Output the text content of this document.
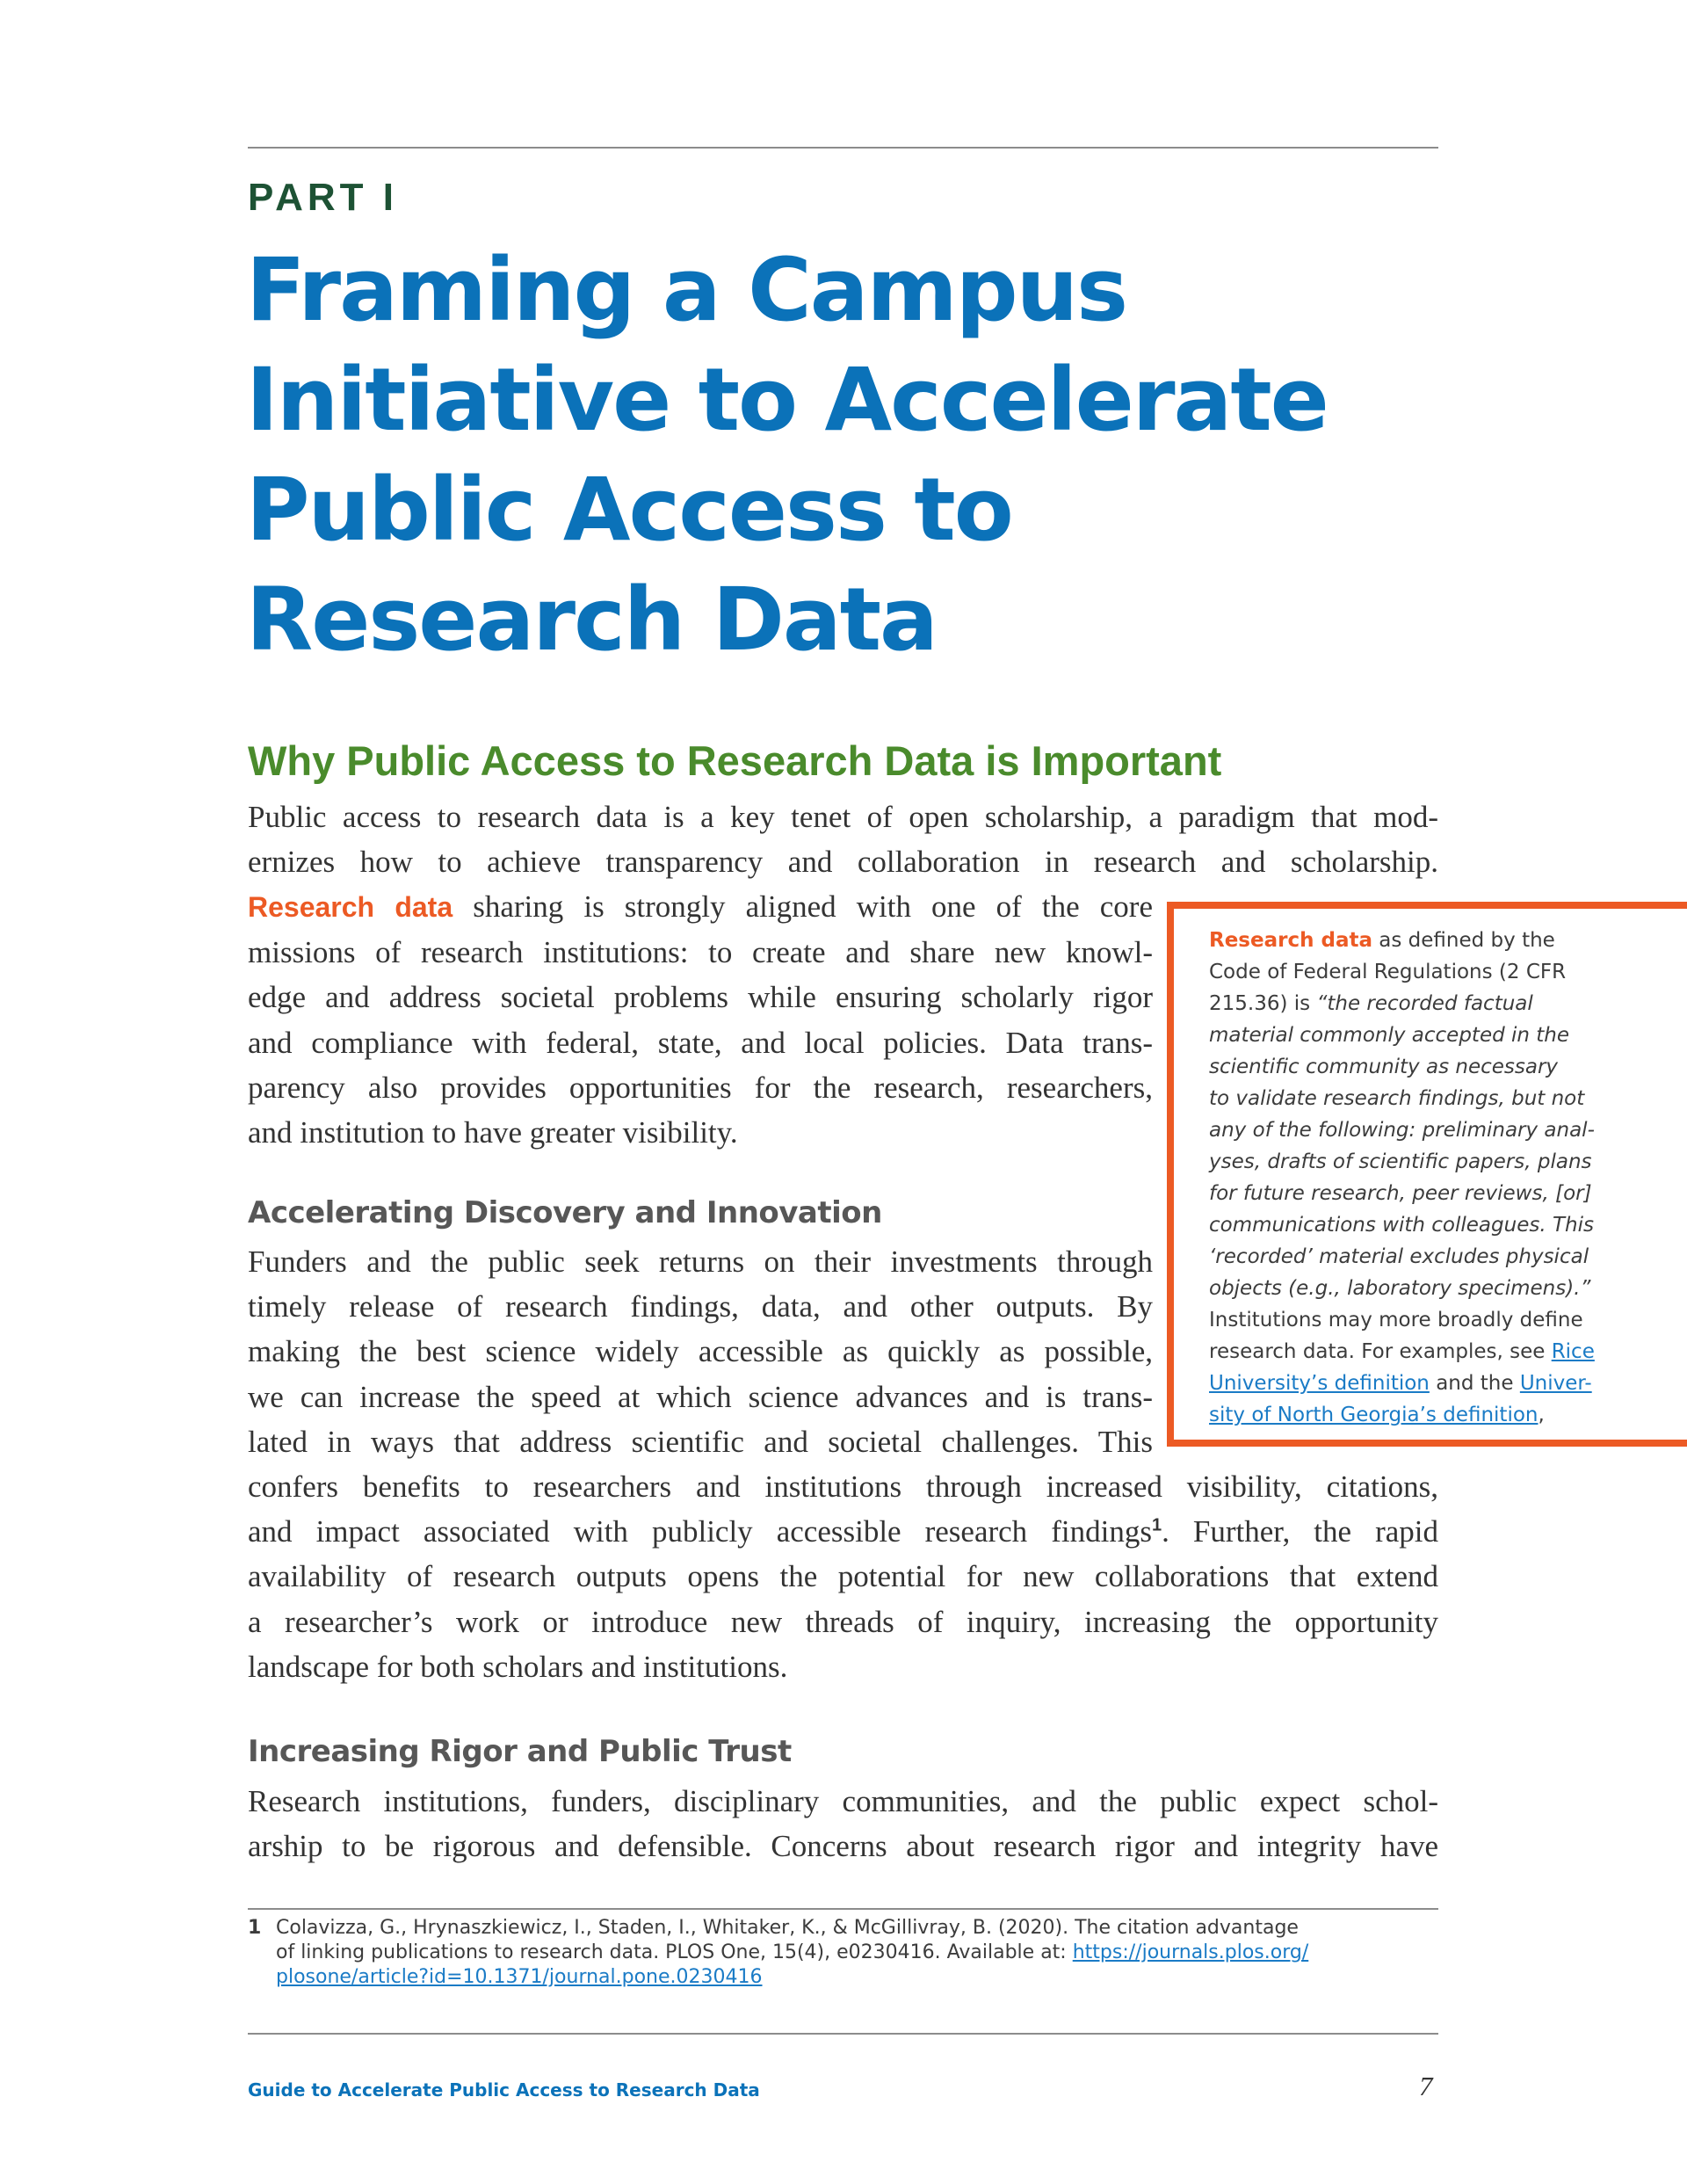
PART I
Framing a Campus
Initiative to Accelerate
Public Access to
Research Data
Why Public Access to Research Data is Important
Public access to research data is a key tenet of open scholarship, a paradigm that mod-
ernizes how to achieve transparency and collaboration in research and scholarship.
Research data sharing is strongly aligned with one of the core
missions of research institutions: to create and share new knowl-
edge and address societal problems while ensuring scholarly rigor
and compliance with federal, state, and local policies. Data trans-
parency also provides opportunities for the research, researchers,
and institution to have greater visibility.
Accelerating Discovery and Innovation
Funders and the public seek returns on their investments through
timely release of research findings, data, and other outputs. By
making the best science widely accessible as quickly as possible,
we can increase the speed at which science advances and is trans-
lated in ways that address scientific and societal challenges. This
confers benefits to researchers and institutions through increased visibility, citations,
and impact associated with publicly accessible research findings$^1$. Further, the rapid
availability of research outputs opens the potential for new collaborations that extend
a researcher’s work or introduce new threads of inquiry, increasing the opportunity
landscape for both scholars and institutions.
Increasing Rigor and Public Trust
Research institutions, funders, disciplinary communities, and the public expect schol-
arship to be rigorous and defensible. Concerns about research rigor and integrity have
Research data as defined by the
Code of Federal Regulations (2 CFR
215.36) is “the recorded factual
material commonly accepted in the
scientific community as necessary
to validate research findings, but not
any of the following: preliminary anal-
yses, drafts of scientific papers, plans
for future research, peer reviews, [or]
communications with colleagues. This
‘recorded’ material excludes physical
objects (e.g., laboratory specimens).”
Institutions may more broadly define
research data. For examples, see Rice
University’s definition and the Univer-
sity of North Georgia’s definition,
1 Colavizza, G., Hrynaszkiewicz, I., Staden, I., Whitaker, K., & McGillivray, B. (2020). The citation advantage
of linking publications to research data. PLOS One, 15(4), e0230416. Available at: https://journals.plos.org/
plosone/article?id=10.1371/journal.pone.0230416
Guide to Accelerate Public Access to Research Data	7
